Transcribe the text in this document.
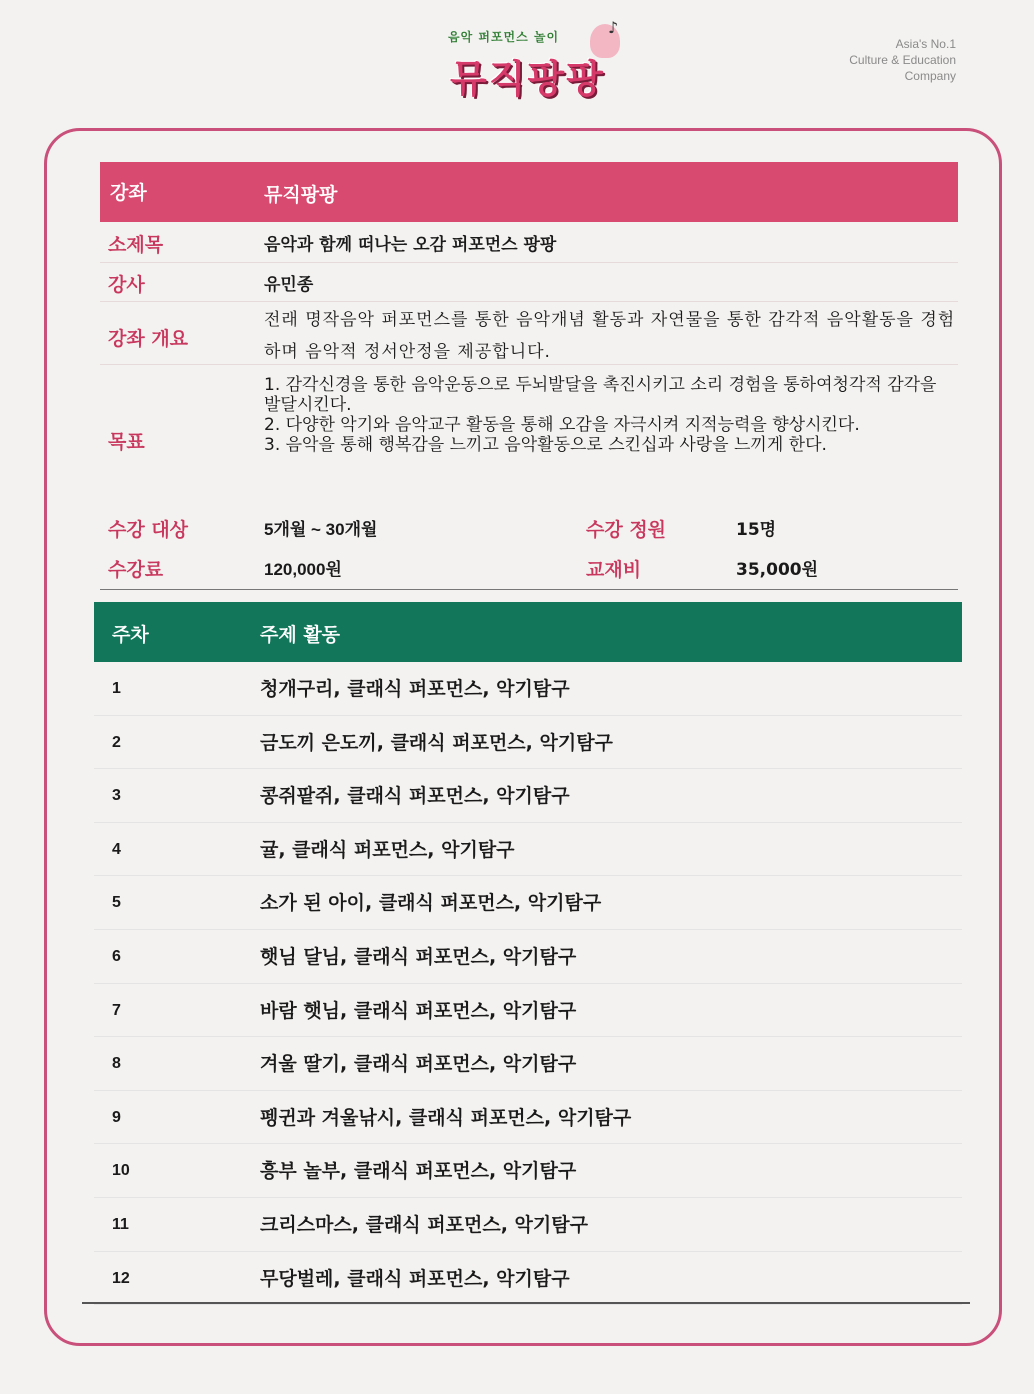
음악 퍼포먼스 놀이
뮤직팡팡
♪
Asia's No.1
Culture & Education
Company
강좌	뮤직팡팡
소제목	음악과 함께 떠나는 오감 퍼포먼스 팡팡
강사	유민종
강좌 개요
전래 명작음악 퍼포먼스를 통한 음악개념 활동과 자연물을 통한 감각적 음악활동을 경험하며 음악적 정서안정을 제공합니다.
목표
1. 감각신경을 통한 음악운동으로 두뇌발달을 촉진시키고 소리 경험을 통하여청각적 감각을 발달시킨다.
2. 다양한 악기와 음악교구 활동을 통해 오감을 자극시켜 지적능력을 향상시킨다.
3. 음악을 통해 행복감을 느끼고 음악활동으로 스킨십과 사랑을 느끼게 한다.
수강 대상	5개월 ~ 30개월	수강 정원	15명
수강료	120,000원	교재비	35,000원
주차	주제 활동
1	청개구리, 클래식 퍼포먼스, 악기탐구
2	금도끼 은도끼, 클래식 퍼포먼스, 악기탐구
3	콩쥐팥쥐, 클래식 퍼포먼스, 악기탐구
4	귤, 클래식 퍼포먼스, 악기탐구
5	소가 된 아이, 클래식 퍼포먼스, 악기탐구
6	햇님 달님, 클래식 퍼포먼스, 악기탐구
7	바람 햇님, 클래식 퍼포먼스, 악기탐구
8	겨울 딸기, 클래식 퍼포먼스, 악기탐구
9	펭귄과 겨울낚시, 클래식 퍼포먼스, 악기탐구
10	흥부 놀부, 클래식 퍼포먼스, 악기탐구
11	크리스마스, 클래식 퍼포먼스, 악기탐구
12	무당벌레, 클래식 퍼포먼스, 악기탐구
